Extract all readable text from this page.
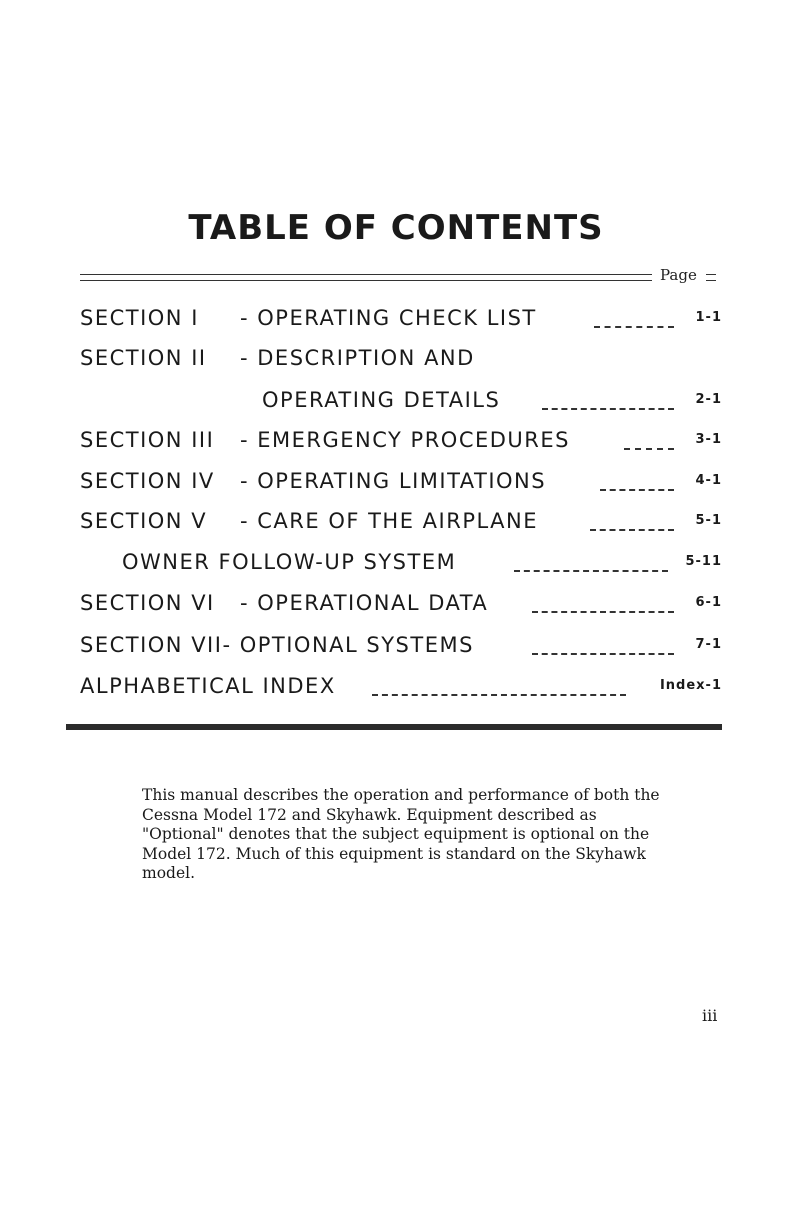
TABLE OF CONTENTS
Page
SECTION I - OPERATING CHECK LIST	1-1
SECTION II - DESCRIPTION AND
OPERATING DETAILS	2-1
SECTION III - EMERGENCY PROCEDURES	3-1
SECTION IV - OPERATING LIMITATIONS	4-1
SECTION V - CARE OF THE AIRPLANE	5-1
OWNER FOLLOW-UP SYSTEM	5-11
SECTION VI - OPERATIONAL DATA	6-1
SECTION VII- OPTIONAL SYSTEMS	7-1
ALPHABETICAL INDEX	Index-1

This manual describes the operation and performance of both the Cessna Model 172 and Skyhawk. Equipment described as "Optional" denotes that the subject equipment is optional on the Model 172. Much of this equipment is standard on the Skyhawk model.

iii
